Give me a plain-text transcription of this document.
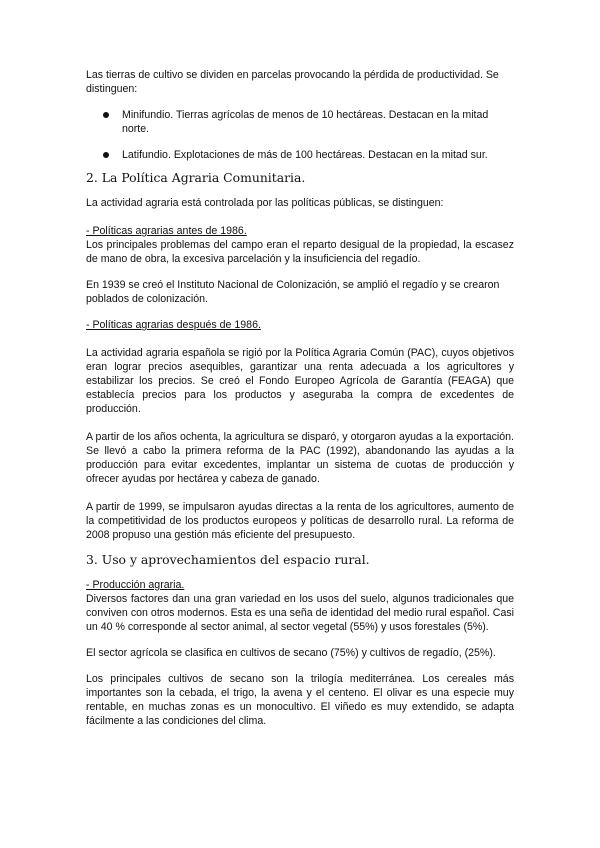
Las tierras de cultivo se dividen en parcelas provocando la pérdida de productividad. Se distinguen:

Minifundio. Tierras agrícolas de menos de 10 hectáreas. Destacan en la mitad norte.
Latifundio. Explotaciones de más de 100 hectáreas. Destacan en la mitad sur.
2. La Política Agraria Comunitaria.

La actividad agraria está controlada por las políticas públicas, se distinguen:

- Políticas agrarias antes de 1986.
Los principales problemas del campo eran el reparto desigual de la propiedad, la escasez de mano de obra, la excesiva parcelación y la insuficiencia del regadío.

En 1939 se creó el Instituto Nacional de Colonización, se amplió el regadío y se crearon poblados de colonización.

- Políticas agrarias después de 1986.

La actividad agraria española se rigió por la Política Agraria Común (PAC), cuyos objetivos eran lograr precios asequibles, garantizar una renta adecuada a los agricultores y estabilizar los precios. Se creó el Fondo Europeo Agrícola de Garantía (FEAGA) que establecía precios para los productos y aseguraba la compra de excedentes de producción.

A partir de los años ochenta, la agricultura se disparó, y otorgaron ayudas a la exportación. Se llevó a cabo la primera reforma de la PAC (1992), abandonando las ayudas a la producción para evitar excedentes, implantar un sistema de cuotas de producción y ofrecer ayudas por hectárea y cabeza de ganado.

A partir de 1999, se impulsaron ayudas directas a la renta de los agricultores, aumento de la competitividad de los productos europeos y políticas de desarrollo rural. La reforma de 2008 propuso una gestión más eficiente del presupuesto.

3. Uso y aprovechamientos del espacio rural.

- Producción agraria.
Diversos factores dan una gran variedad en los usos del suelo, algunos tradicionales que conviven con otros modernos. Esta es una seña de identidad del medio rural español. Casi un 40 % corresponde al sector animal, al sector vegetal (55%) y usos forestales (5%).

El sector agrícola se clasifica en cultivos de secano (75%) y cultivos de regadío, (25%).

Los principales cultivos de secano son la trilogía mediterránea. Los cereales más importantes son la cebada, el trigo, la avena y el centeno. El olivar es una especie muy rentable, en muchas zonas es un monocultivo. El viñedo es muy extendido, se adapta fácilmente a las condiciones del clima.
